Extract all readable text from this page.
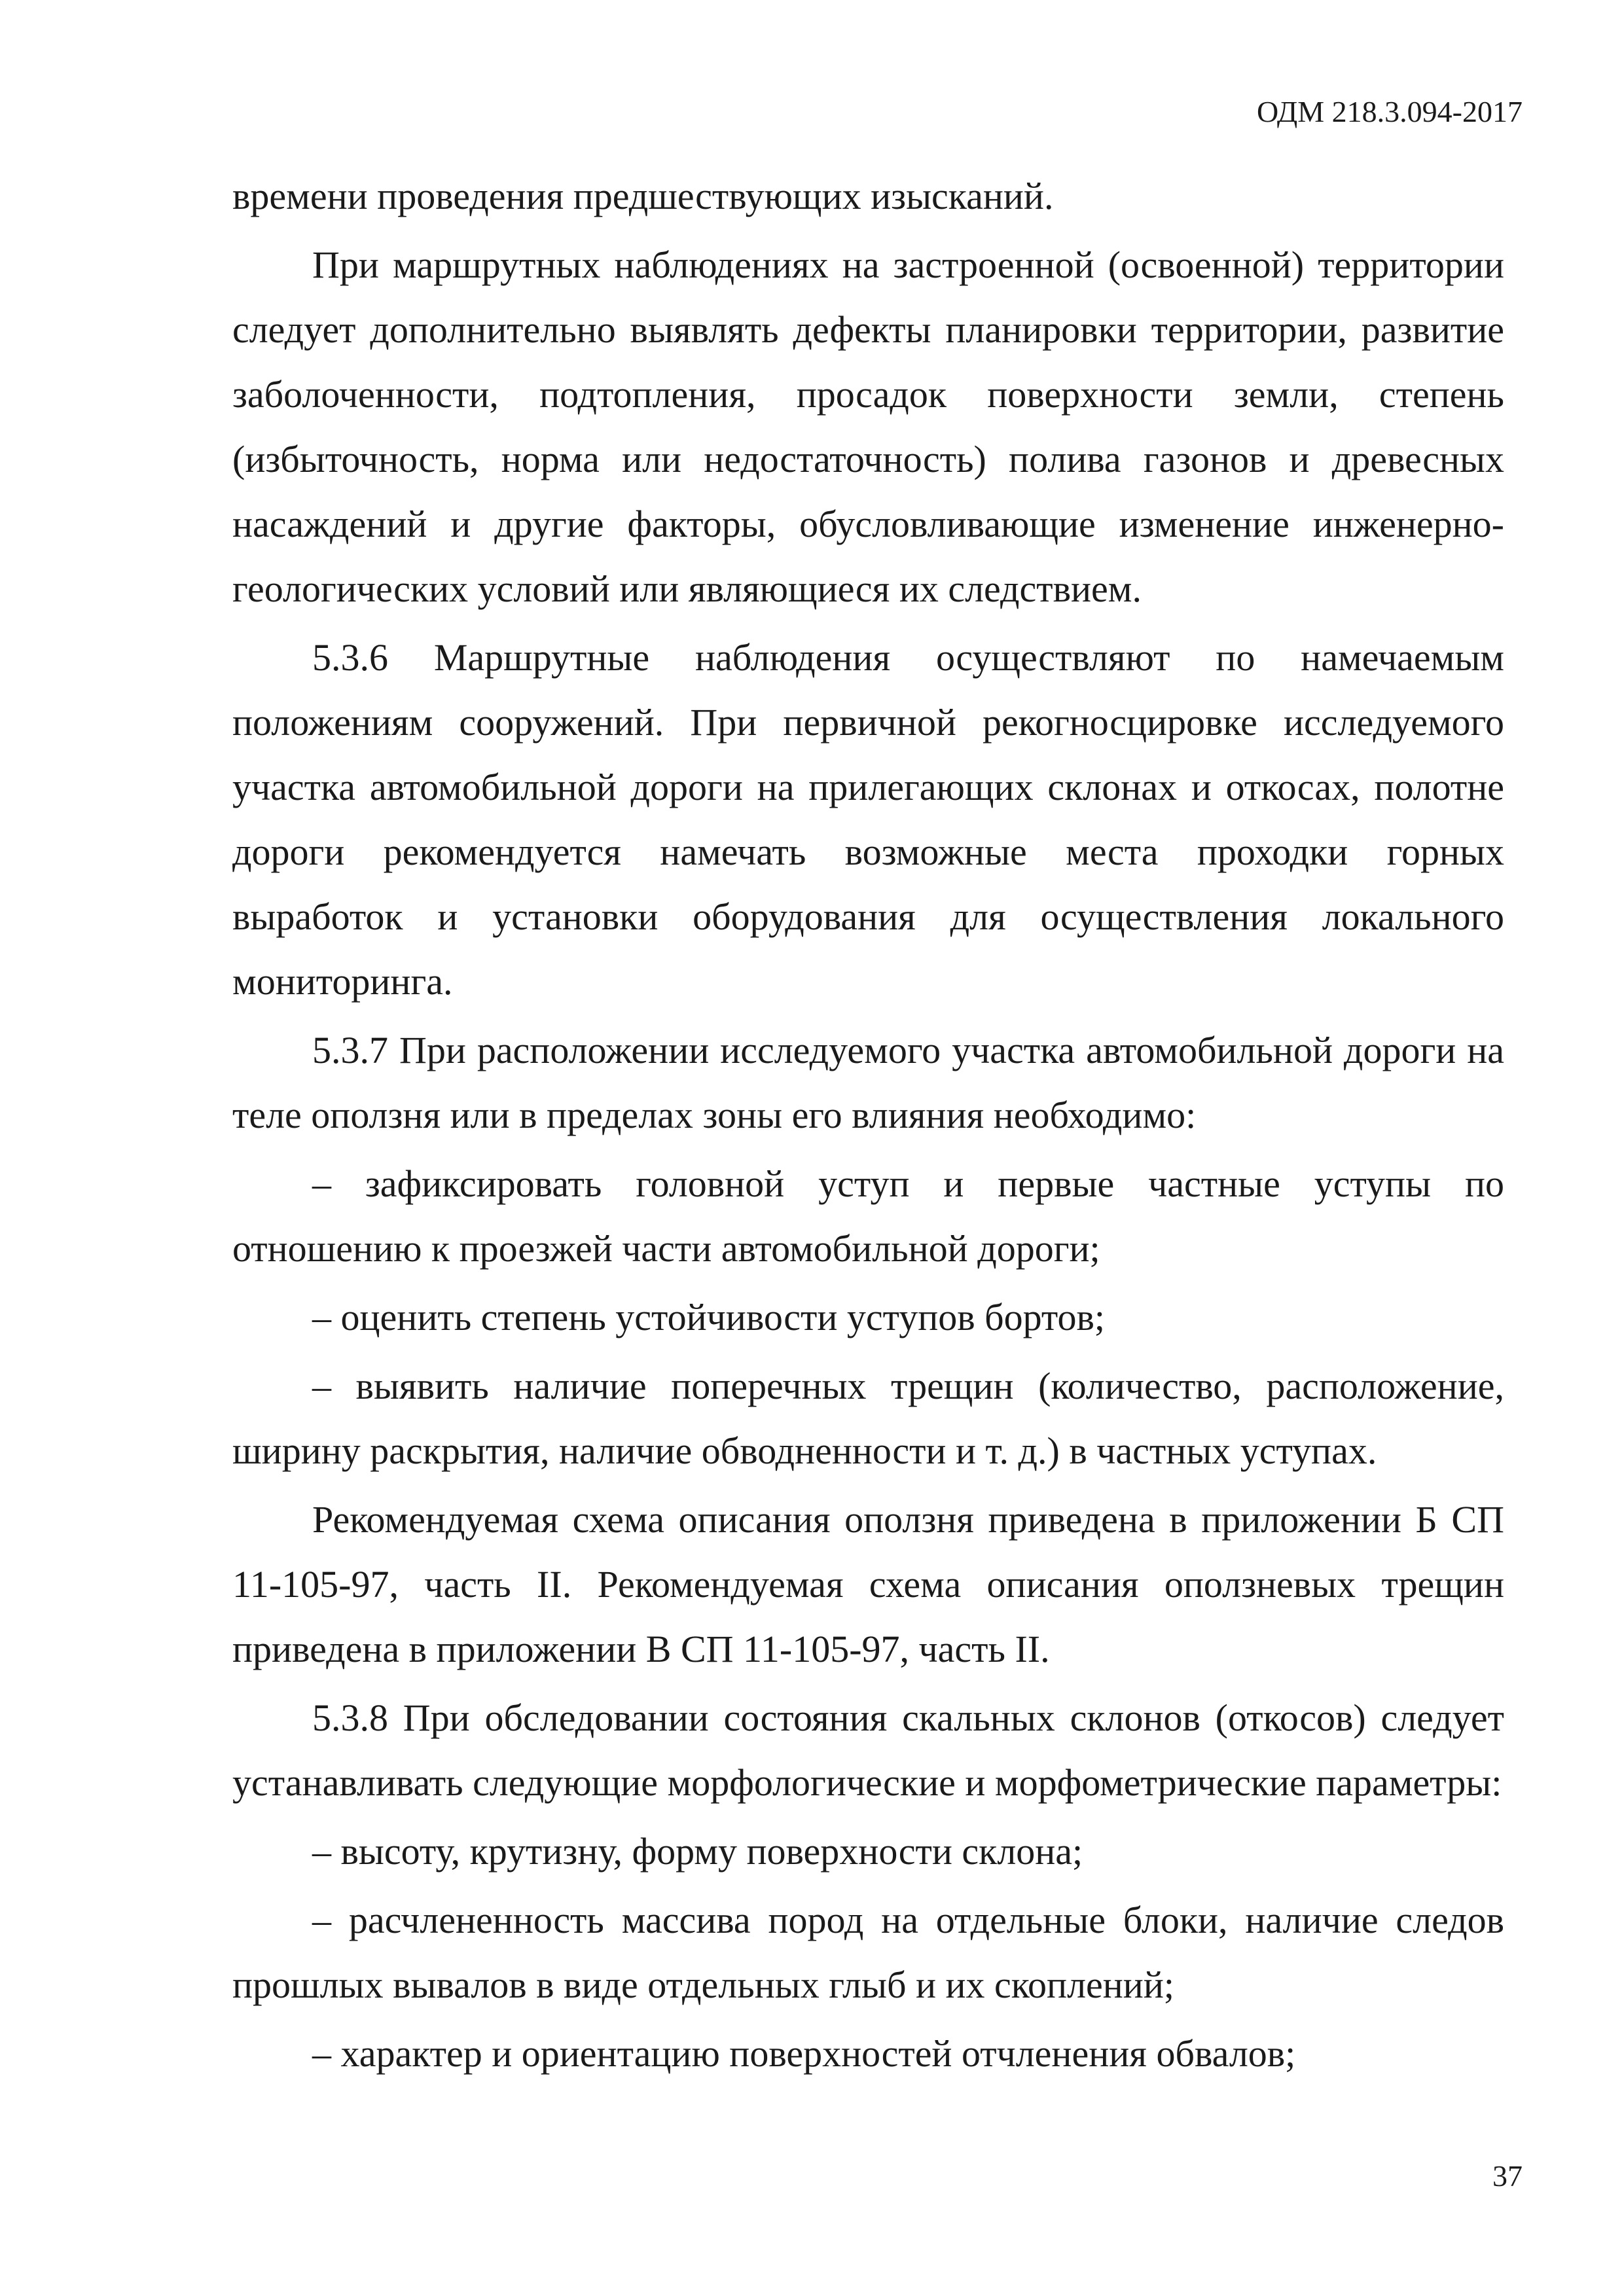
ОДМ 218.3.094-2017

времени проведения предшествующих изысканий.

При маршрутных наблюдениях на застроенной (освоенной) территории следует дополнительно выявлять дефекты планировки территории, развитие заболоченности, подтопления, просадок поверхности земли, степень (избыточность, норма или недостаточность) полива газонов и древесных насаждений и другие факторы, обусловливающие изменение инженерно-геологических условий или являющиеся их следствием.

5.3.6 Маршрутные наблюдения осуществляют по намечаемым положениям сооружений. При первичной рекогносцировке исследуемого участка автомобильной дороги на прилегающих склонах и откосах, полотне дороги рекомендуется намечать возможные места проходки горных выработок и установки оборудования для осуществления локального мониторинга.

5.3.7 При расположении исследуемого участка автомобильной дороги на теле оползня или в пределах зоны его влияния необходимо:

– зафиксировать головной уступ и первые частные уступы по отношению к проезжей части автомобильной дороги;

– оценить степень устойчивости уступов бортов;

– выявить наличие поперечных трещин (количество, расположение, ширину раскрытия, наличие обводненности и т. д.) в частных уступах.

Рекомендуемая схема описания оползня приведена в приложении Б СП 11-105-97, часть II. Рекомендуемая схема описания оползневых трещин приведена в приложении В СП 11-105-97, часть II.

5.3.8 При обследовании состояния скальных склонов (откосов) следует устанавливать следующие морфологические и морфометрические параметры:

– высоту, крутизну, форму поверхности склона;

– расчлененность массива пород на отдельные блоки, наличие следов прошлых вывалов в виде отдельных глыб и их скоплений;

– характер и ориентацию поверхностей отчленения обвалов;

37
